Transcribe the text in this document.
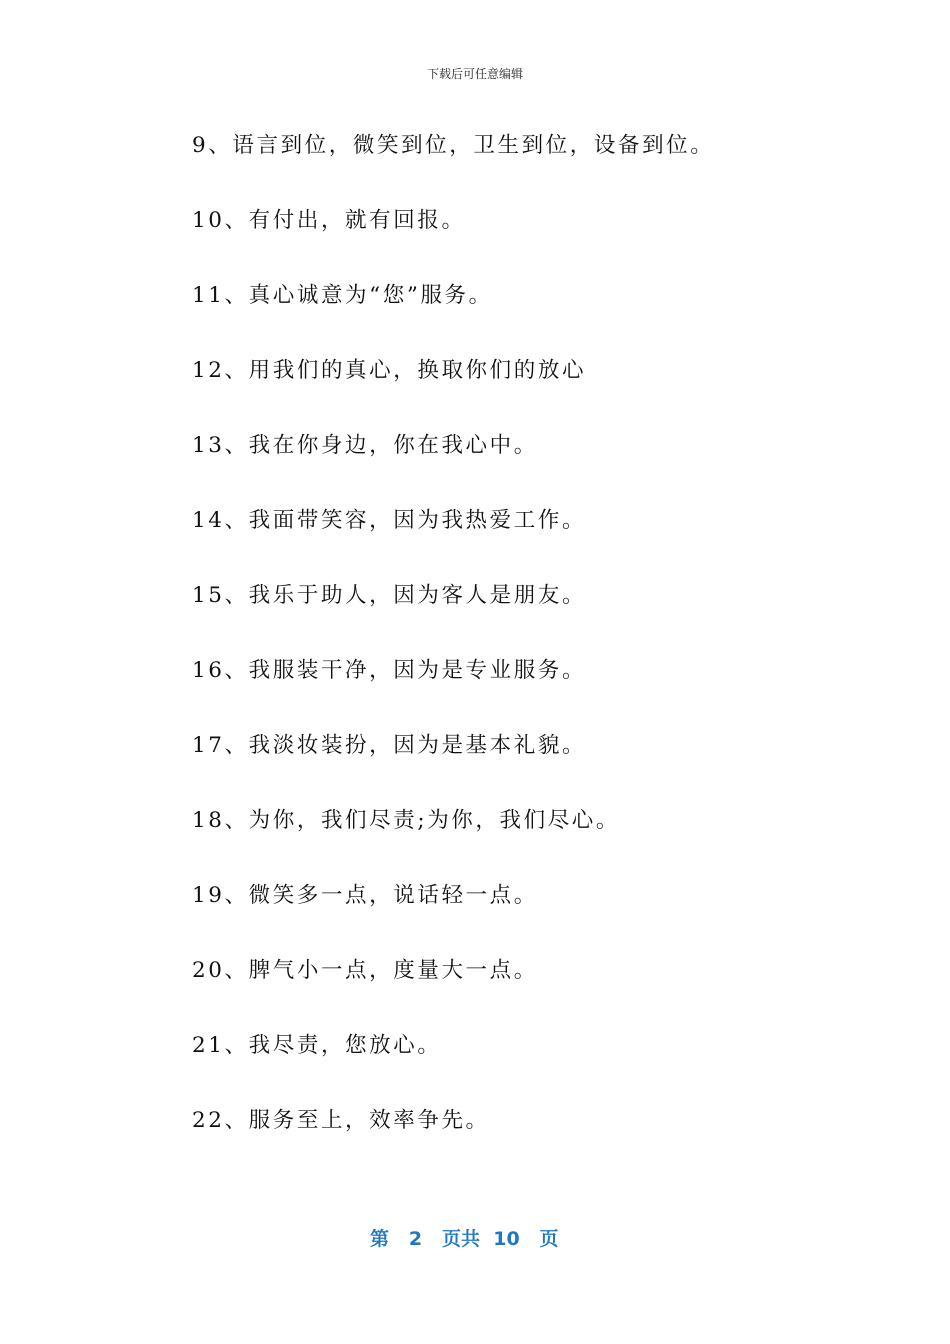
下载后可任意编辑
9、语言到位，微笑到位，卫生到位，设备到位。
10、有付出，就有回报。
11、真心诚意为“您”服务。
12、用我们的真心，换取你们的放心
13、我在你身边，你在我心中。
14、我面带笑容，因为我热爱工作。
15、我乐于助人，因为客人是朋友。
16、我服装干净，因为是专业服务。
17、我淡妆装扮，因为是基本礼貌。
18、为你，我们尽责;为你，我们尽心。
19、微笑多一点，说话轻一点。
20、脾气小一点，度量大一点。
21、我尽责，您放心。
22、服务至上，效率争先。
第 2 页共 10 页
